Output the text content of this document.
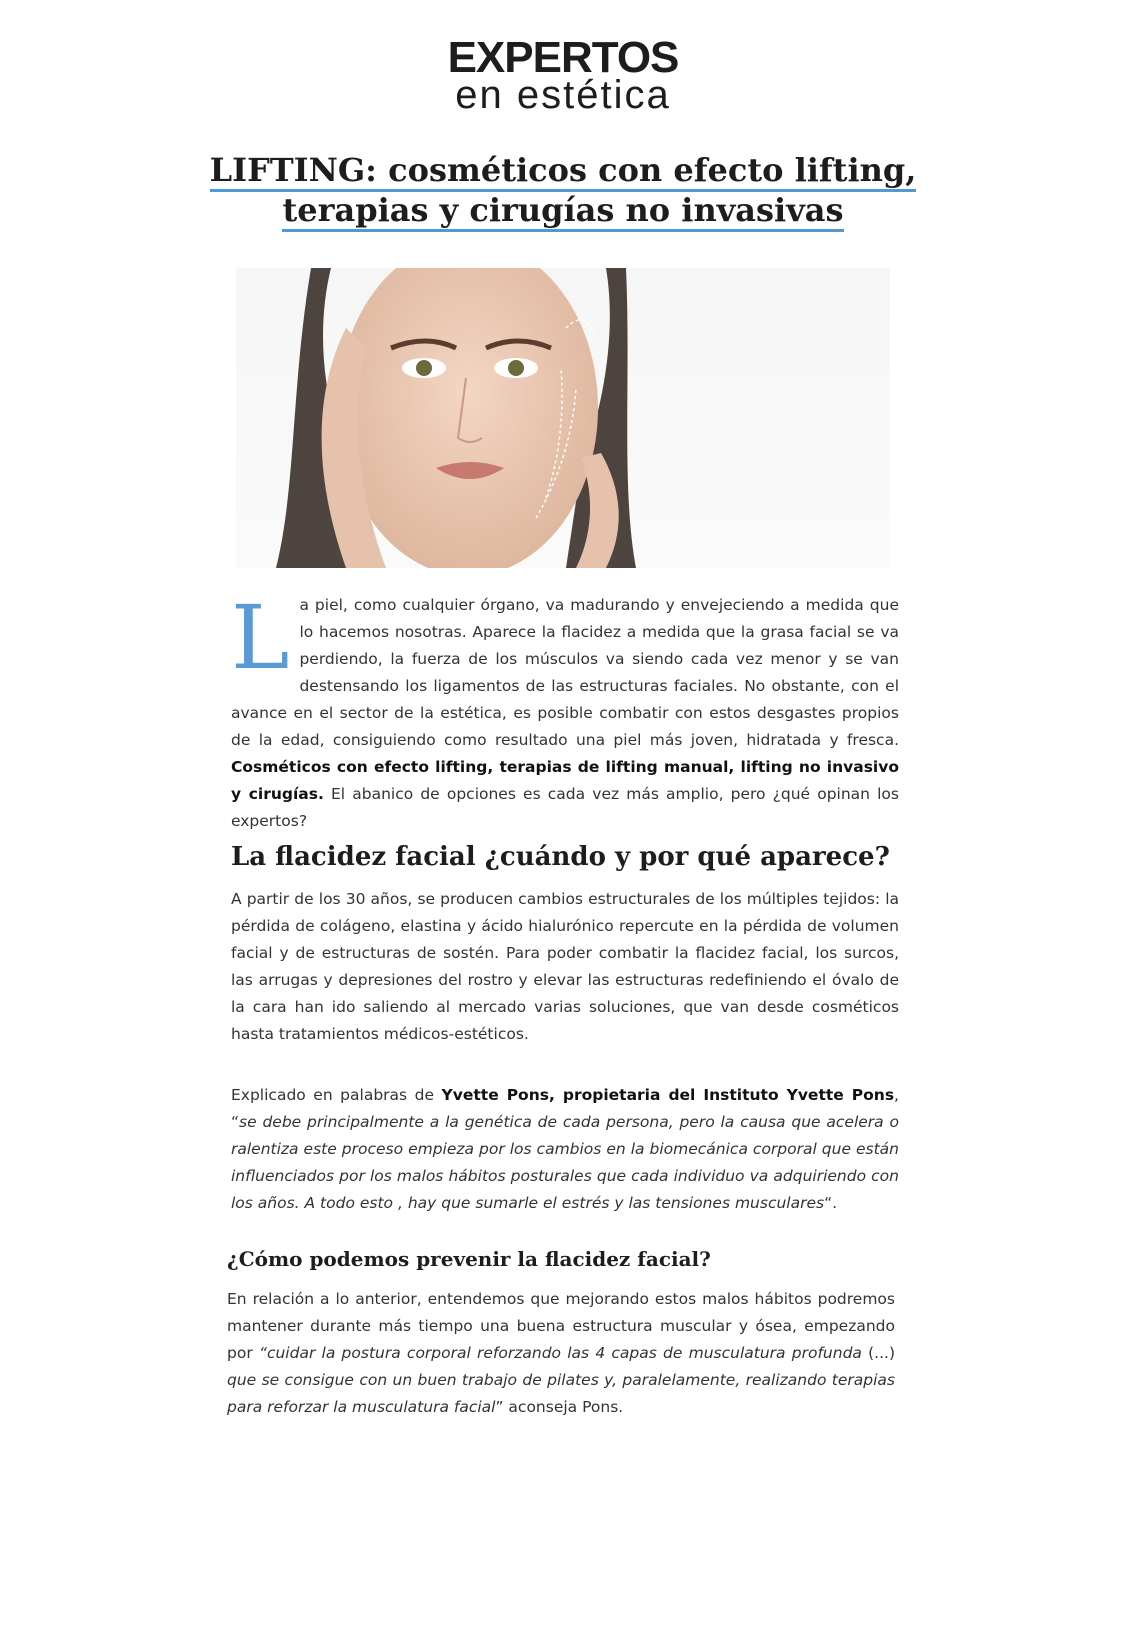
EXPERTOS
en estética
LIFTING: cosméticos con efecto lifting,
terapias y cirugías no invasivas
L a piel, como cualquier órgano, va madurando y envejeciendo a medida que lo hacemos nosotras. Aparece la flacidez a medida que la grasa facial se va perdiendo, la fuerza de los músculos va siendo cada vez menor y se van destensando los ligamentos de las estructuras faciales. No obstante, con el avance en el sector de la estética, es posible combatir con estos desgastes propios de la edad, consiguiendo como resultado una piel más joven, hidratada y fresca. Cosméticos con efecto lifting, terapias de lifting manual, lifting no invasivo y cirugías. El abanico de opciones es cada vez más amplio, pero ¿qué opinan los expertos?

La flacidez facial ¿cuándo y por qué aparece?

A partir de los 30 años, se producen cambios estructurales de los múltiples tejidos: la pérdida de colágeno, elastina y ácido hialurónico repercute en la pérdida de volumen facial y de estructuras de sostén. Para poder combatir la flacidez facial, los surcos, las arrugas y depresiones del rostro y elevar las estructuras redefiniendo el óvalo de la cara han ido saliendo al mercado varias soluciones, que van desde cosméticos hasta tratamientos médicos-estéticos.

Explicado en palabras de Yvette Pons, propietaria del Instituto Yvette Pons, “se debe principalmente a la genética de cada persona, pero la causa que acelera o ralentiza este proceso empieza por los cambios en la biomecánica corporal que están influenciados por los malos hábitos posturales que cada individuo va adquiriendo con los años. A todo esto , hay que sumarle el estrés y las tensiones musculares“.

¿Cómo podemos prevenir la flacidez facial?

En relación a lo anterior, entendemos que mejorando estos malos hábitos podremos mantener durante más tiempo una buena estructura muscular y ósea, empezando por “cuidar la postura corporal reforzando las 4 capas de musculatura profunda (...) que se consigue con un buen trabajo de pilates y, paralelamente, realizando terapias para reforzar la musculatura facial” aconseja Pons.
